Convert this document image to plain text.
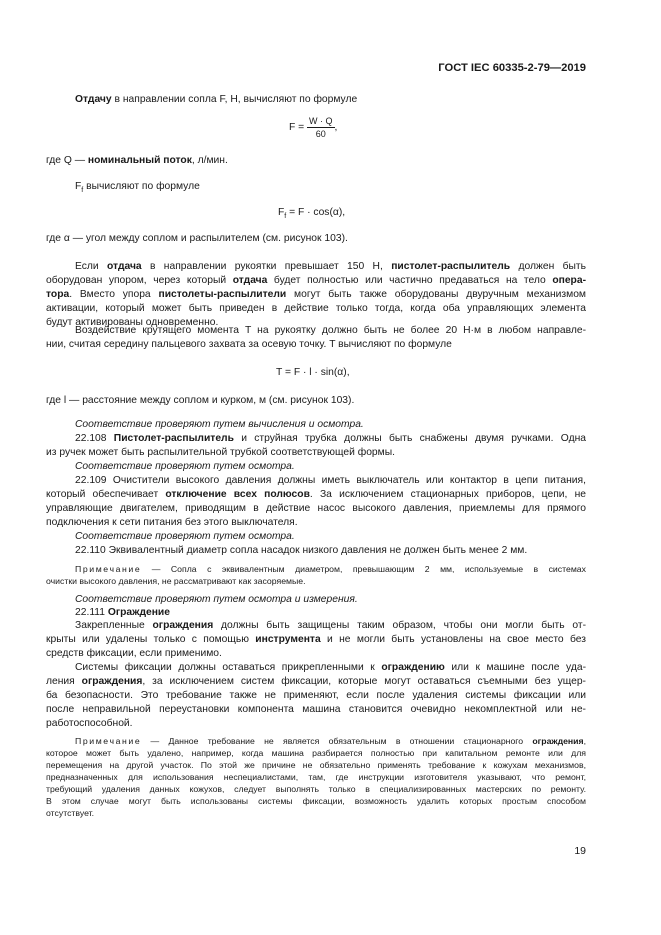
ГОСТ IEC 60335-2-79—2019
Отдачу в направлении сопла F, Н, вычисляют по формуле
$F = \frac{W \cdot Q}{60}$ ,
где Q — номинальный поток, л/мин.
$F_f$ вычисляют по формуле
$F_f = F \cdot \cos(\alpha)$,
где α — угол между соплом и распылителем (см. рисунок 103).
Если отдача в направлении рукоятки превышает 150 Н, пистолет-распылитель должен быть
оборудован упором, через который отдача будет полностью или частично предаваться на тело опера-
тора. Вместо упора пистолеты-распылители могут быть также оборудованы двуручным механизмом
активации, который может быть приведен в действие только тогда, когда оба управляющих элемента
будут активированы одновременно.
Воздействие крутящего момента T на рукоятку должно быть не более 20 Н·м в любом направле-
нии, считая середину пальцевого захвата за осевую точку. T вычисляют по формуле
T = F · l · sin(α),
где l — расстояние между соплом и курком, м (см. рисунок 103).
Соответствие проверяют путем вычисления и осмотра.
22.108 Пистолет-распылитель и струйная трубка должны быть снабжены двумя ручками. Одна
из ручек может быть распылительной трубкой соответствующей формы.
Соответствие проверяют путем осмотра.
22.109 Очистители высокого давления должны иметь выключатель или контактор в цепи питания,
который обеспечивает отключение всех полюсов. За исключением стационарных приборов, цепи, не
управляющие двигателем, приводящим в действие насос высокого давления, приемлемы для прямого
подключения к сети питания без этого выключателя.
Соответствие проверяют путем осмотра.
22.110 Эквивалентный диаметр сопла насадок низкого давления не должен быть менее 2 мм.
Примечание — Сопла с эквивалентным диаметром, превышающим 2 мм, используемые в системах
очистки высокого давления, не рассматривают как засоряемые.
Соответствие проверяют путем осмотра и измерения.
22.111 Ограждение
Закрепленные ограждения должны быть защищены таким образом, чтобы они могли быть от-
крыты или удалены только с помощью инструмента и не могли быть установлены на свое место без
средств фиксации, если применимо.
Системы фиксации должны оставаться прикрепленными к ограждению или к машине после уда-
ления ограждения, за исключением систем фиксации, которые могут оставаться съемными без ущер-
ба безопасности. Это требование также не применяют, если после удаления системы фиксации или
после неправильной переустановки компонента машина становится очевидно некомплектной или не-
работоспособной.
Примечание — Данное требование не является обязательным в отношении стационарного ограждения,
которое может быть удалено, например, когда машина разбирается полностью при капитальном ремонте или для
перемещения на другой участок. По этой же причине не обязательно применять требование к кожухам механизмов,
предназначенных для использования неспециалистами, там, где инструкции изготовителя указывают, что ремонт,
требующий удаления данных кожухов, следует выполнять только в специализированных мастерских по ремонту.
В этом случае могут быть использованы системы фиксации, возможность удалить которых простым способом
отсутствует.
19
